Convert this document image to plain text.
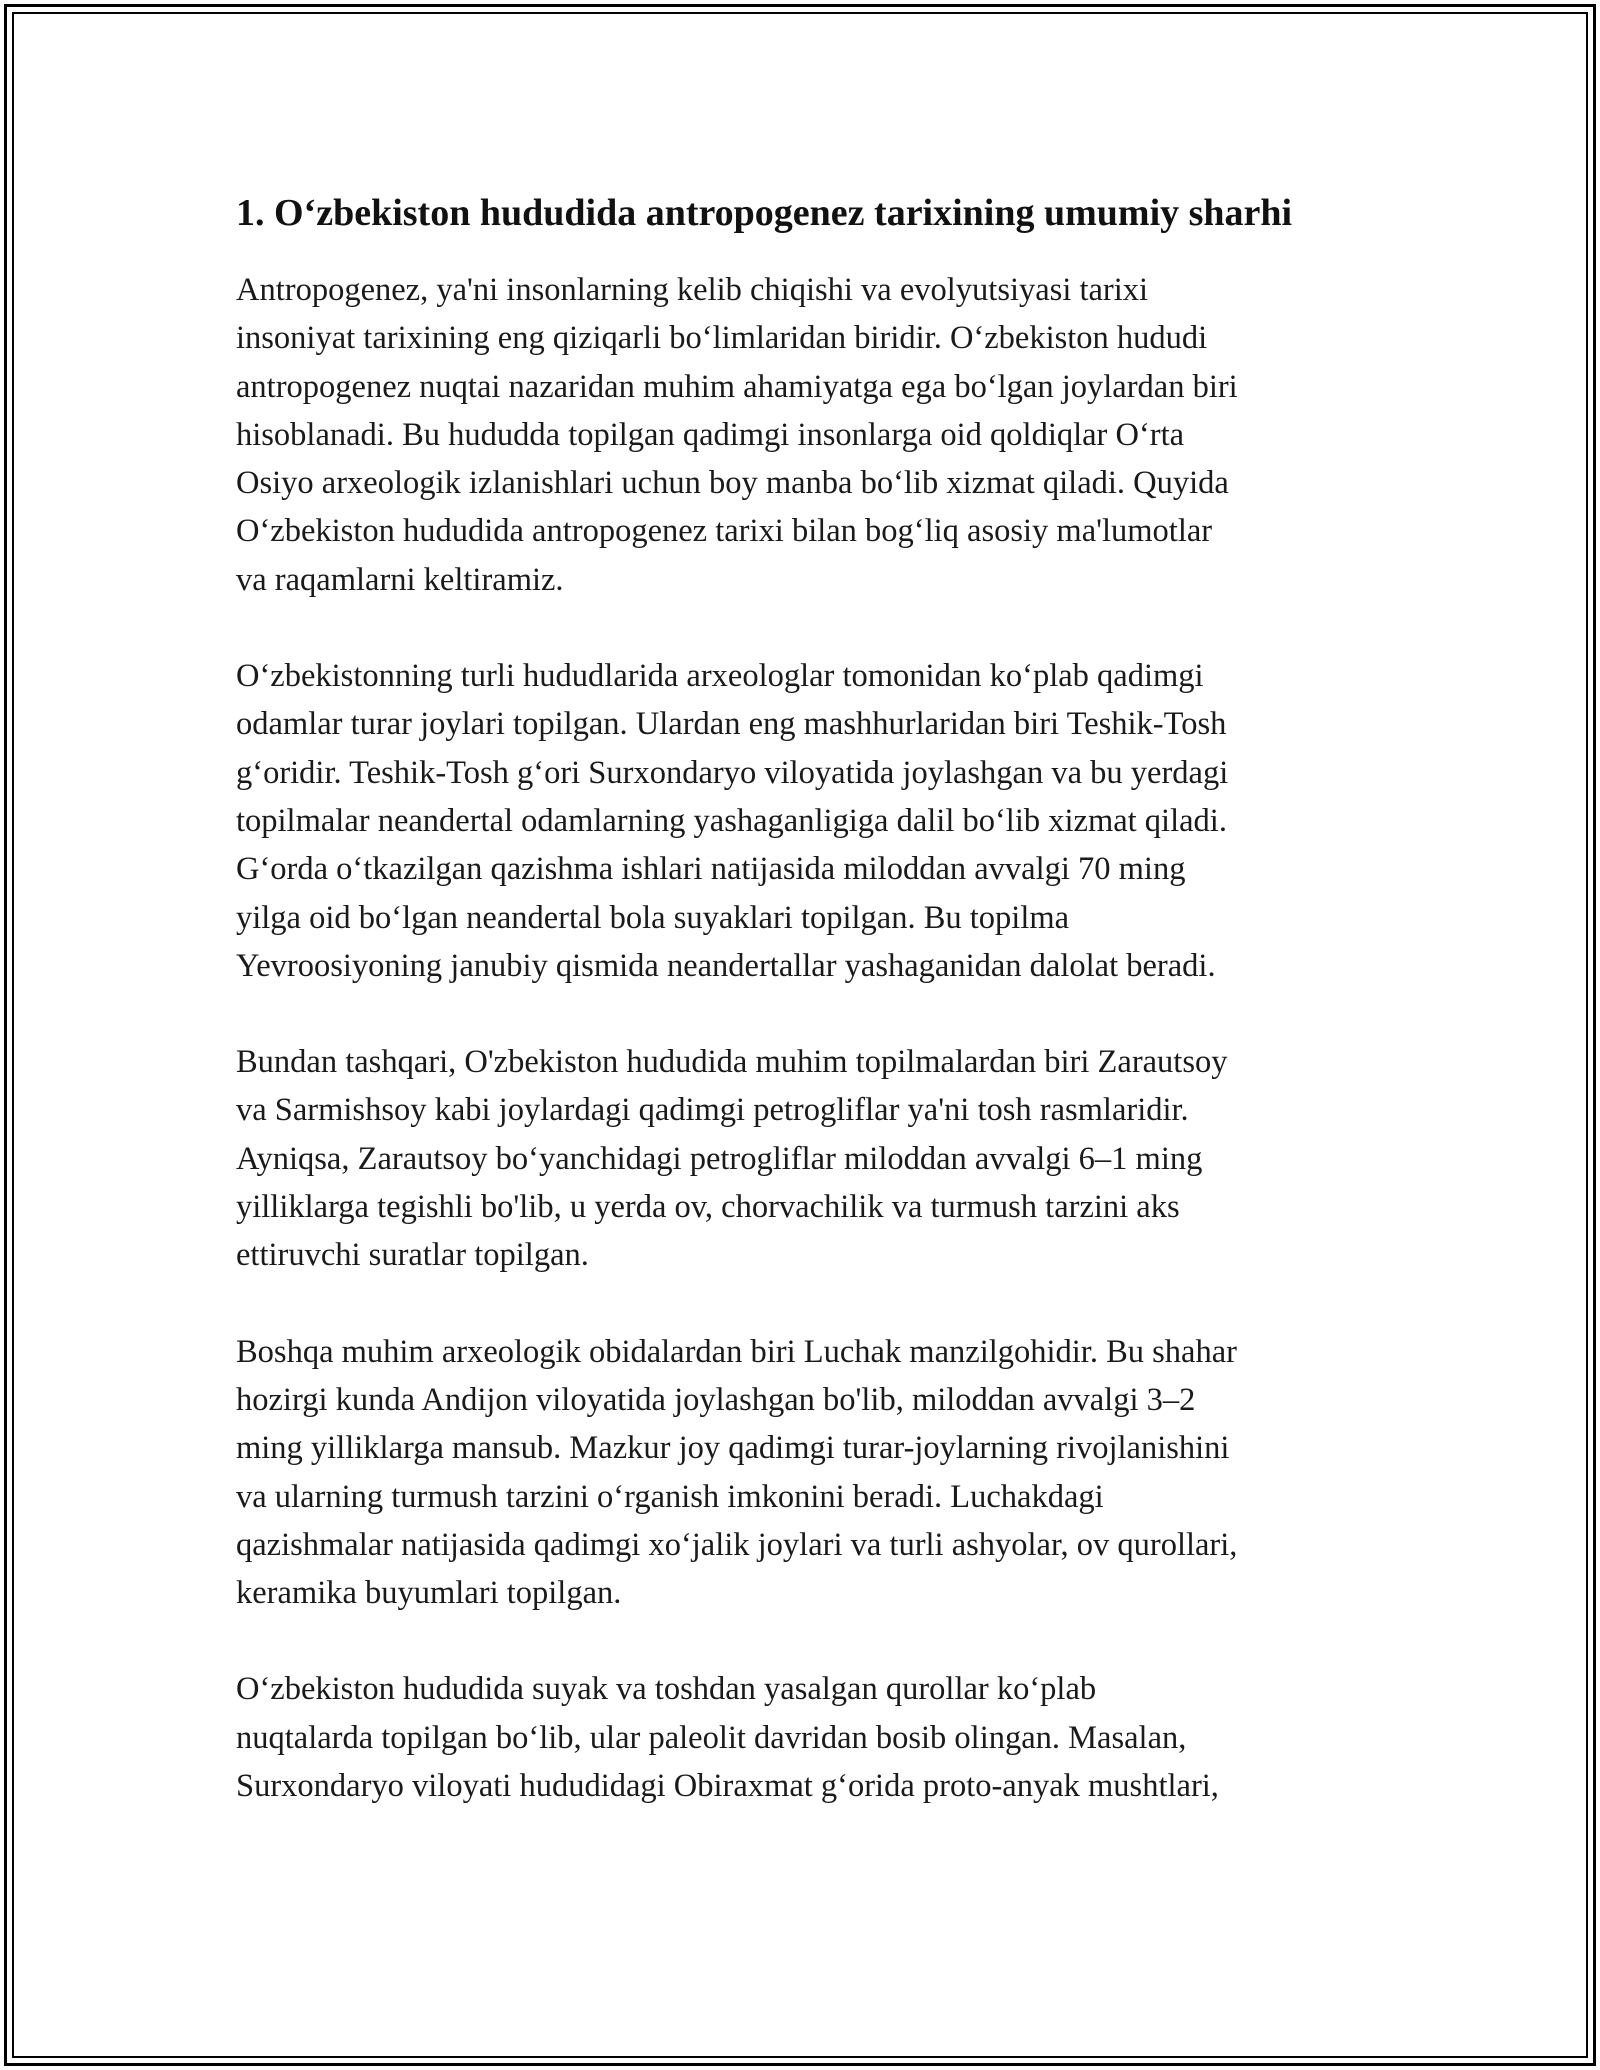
1. O‘zbekiston hududida antropogenez tarixining umumiy sharhi

Antropogenez, ya'ni insonlarning kelib chiqishi va evolyutsiyasi tarixi
insoniyat tarixining eng qiziqarli bo‘limlaridan biridir. O‘zbekiston hududi
antropogenez nuqtai nazaridan muhim ahamiyatga ega bo‘lgan joylardan biri
hisoblanadi. Bu hududda topilgan qadimgi insonlarga oid qoldiqlar O‘rta
Osiyo arxeologik izlanishlari uchun boy manba bo‘lib xizmat qiladi. Quyida
O‘zbekiston hududida antropogenez tarixi bilan bog‘liq asosiy ma'lumotlar
va raqamlarni keltiramiz.

O‘zbekistonning turli hududlarida arxeologlar tomonidan ko‘plab qadimgi
odamlar turar joylari topilgan. Ulardan eng mashhurlaridan biri Teshik-Tosh
g‘oridir. Teshik-Tosh g‘ori Surxondaryo viloyatida joylashgan va bu yerdagi
topilmalar neandertal odamlarning yashaganligiga dalil bo‘lib xizmat qiladi.
G‘orda o‘tkazilgan qazishma ishlari natijasida miloddan avvalgi 70 ming
yilga oid bo‘lgan neandertal bola suyaklari topilgan. Bu topilma
Yevroosiyoning janubiy qismida neandertallar yashaganidan dalolat beradi.

Bundan tashqari, O'zbekiston hududida muhim topilmalardan biri Zarautsoy
va Sarmishsoy kabi joylardagi qadimgi petrogliflar ya'ni tosh rasmlaridir.
Ayniqsa, Zarautsoy bo‘yanchidagi petrogliflar miloddan avvalgi 6–1 ming
yilliklarga tegishli bo'lib, u yerda ov, chorvachilik va turmush tarzini aks
ettiruvchi suratlar topilgan.

Boshqa muhim arxeologik obidalardan biri Luchak manzilgohidir. Bu shahar
hozirgi kunda Andijon viloyatida joylashgan bo'lib, miloddan avvalgi 3–2
ming yilliklarga mansub. Mazkur joy qadimgi turar-joylarning rivojlanishini
va ularning turmush tarzini o‘rganish imkonini beradi. Luchakdagi
qazishmalar natijasida qadimgi xo‘jalik joylari va turli ashyolar, ov qurollari,
keramika buyumlari topilgan.

O‘zbekiston hududida suyak va toshdan yasalgan qurollar ko‘plab
nuqtalarda topilgan bo‘lib, ular paleolit davridan bosib olingan. Masalan,
Surxondaryo viloyati hududidagi Obiraxmat g‘orida proto-anyak mushtlari,
